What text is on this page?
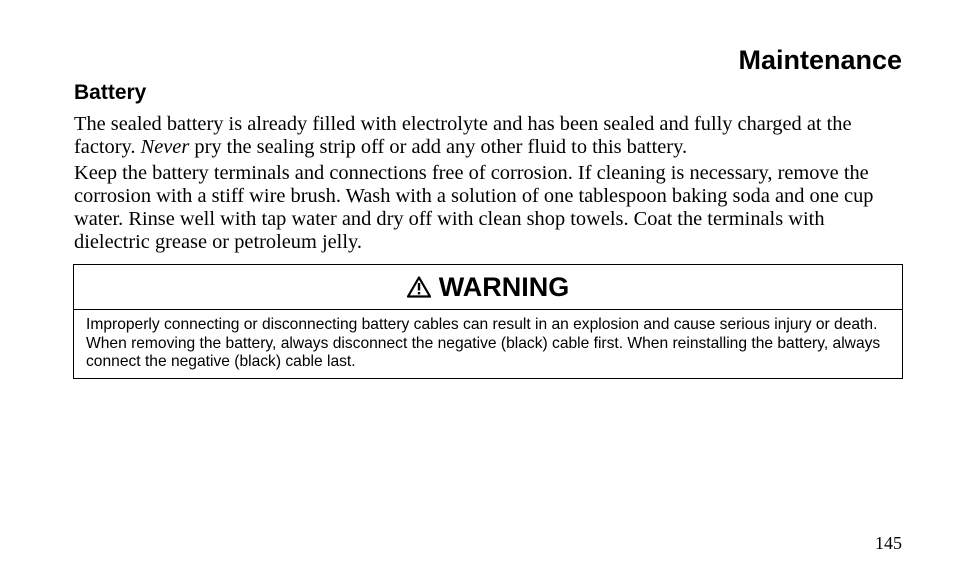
Maintenance
Battery

The sealed battery is already filled with electrolyte and has been sealed and fully charged at the factory. Never pry the sealing strip off or add any other fluid to this battery.

Keep the battery terminals and connections free of corrosion. If cleaning is necessary, remove the corrosion with a stiff wire brush. Wash with a solution of one tablespoon baking soda and one cup water. Rinse well with tap water and dry off with clean shop towels. Coat the terminals with dielectric grease or petroleum jelly.

WARNING

Improperly connecting or disconnecting battery cables can result in an explosion and cause serious injury or death. When removing the battery, always disconnect the negative (black) cable first. When reinstalling the battery, always connect the negative (black) cable last.

145
